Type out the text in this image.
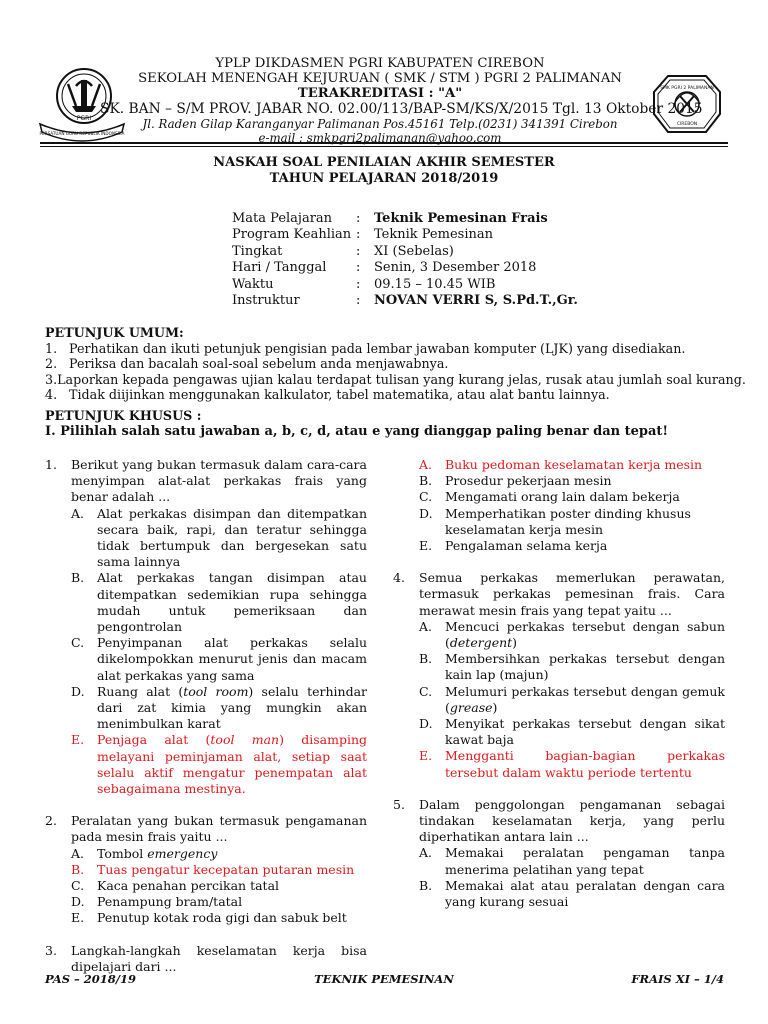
PERSATUAN GURU REPUBLIK INDONESIA
PGRI
SMK PGRI 2 PALIMANAN
CIREBON
YPLP DIKDASMEN PGRI KABUPATEN CIREBON
SEKOLAH MENENGAH KEJURUAN ( SMK / STM ) PGRI 2 PALIMANAN
TERAKREDITASI : "A"
SK. BAN – S/M PROV. JABAR NO. 02.00/113/BAP-SM/KS/X/2015 Tgl. 13 Oktober 2015
Jl. Raden Gilap Karanganyar Palimanan Pos.45161 Telp.(0231) 341391 Cirebon
e-mail : smkpgri2palimanan@yahoo.com
NASKAH SOAL PENILAIAN AKHIR SEMESTER
TAHUN PELAJARAN 2018/2019
Mata Pelajaran	:	Teknik Pemesinan Frais
Program Keahlian :	Teknik Pemesinan
Tingkat	:	XI (Sebelas)
Hari / Tanggal	:	Senin, 3 Desember 2018
Waktu	:	09.15 – 10.45 WIB
Instruktur	:	NOVAN VERRI S, S.Pd.T.,Gr.
PETUNJUK UMUM:
1. Perhatikan dan ikuti petunjuk pengisian pada lembar jawaban komputer (LJK) yang disediakan.
2. Periksa dan bacalah soal-soal sebelum anda menjawabnya.
3. Laporkan kepada pengawas ujian kalau terdapat tulisan yang kurang jelas, rusak atau jumlah soal kurang.
4. Tidak diijinkan menggunakan kalkulator, tabel matematika, atau alat bantu lainnya.
PETUNJUK KHUSUS :
I. Pilihlah salah satu jawaban a, b, c, d, atau e yang dianggap paling benar dan tepat!
1.	Berikut yang bukan termasuk dalam cara-cara menyimpan alat-alat perkakas frais yang benar adalah ...
A.	Alat perkakas disimpan dan ditempatkan secara baik, rapi, dan teratur sehingga tidak bertumpuk dan bergesekan satu sama lainnya
B.	Alat perkakas tangan disimpan atau ditempatkan sedemikian rupa sehingga mudah untuk pemeriksaan dan pengontrolan
C.	Penyimpanan alat perkakas selalu dikelompokkan menurut jenis dan macam alat perkakas yang sama
D. Ruang alat (tool room) selalu terhindar dari zat kimia yang mungkin akan menimbulkan karat
E.	Penjaga alat (tool man) disamping melayani peminjaman alat, setiap saat selalu aktif mengatur penempatan alat sebagaimana mestinya.
2.	Peralatan yang bukan termasuk pengamanan pada mesin frais yaitu ...
A.	Tombol emergency
B.	Tuas pengatur kecepatan putaran mesin
C.	Kaca penahan percikan tatal
D. Penampung bram/tatal
E.	Penutup kotak roda gigi dan sabuk belt
3.	Langkah-langkah keselamatan kerja bisa dipelajari dari ...
A.	Buku pedoman keselamatan kerja mesin
B.	Prosedur pekerjaan mesin
C.	Mengamati orang lain dalam bekerja
D. Memperhatikan poster dinding khusus keselamatan kerja mesin
E.	Pengalaman selama kerja
4.	Semua perkakas memerlukan perawatan, termasuk perkakas pemesinan frais. Cara merawat mesin frais yang tepat yaitu ...
A.	Mencuci perkakas tersebut dengan sabun (detergent)
B.	Membersihkan perkakas tersebut dengan kain lap (majun)
C.	Melumuri perkakas tersebut dengan gemuk (grease)
D. Menyikat perkakas tersebut dengan sikat kawat baja
E.	Mengganti bagian-bagian perkakas tersebut dalam waktu periode tertentu
5.	Dalam penggolongan pengamanan sebagai tindakan keselamatan kerja, yang perlu diperhatikan antara lain ...
A.	Memakai peralatan pengaman tanpa menerima pelatihan yang tepat
B.	Memakai alat atau peralatan dengan cara yang kurang sesuai
PAS – 2018/19	TEKNIK PEMESINAN	FRAIS XI – 1/4
